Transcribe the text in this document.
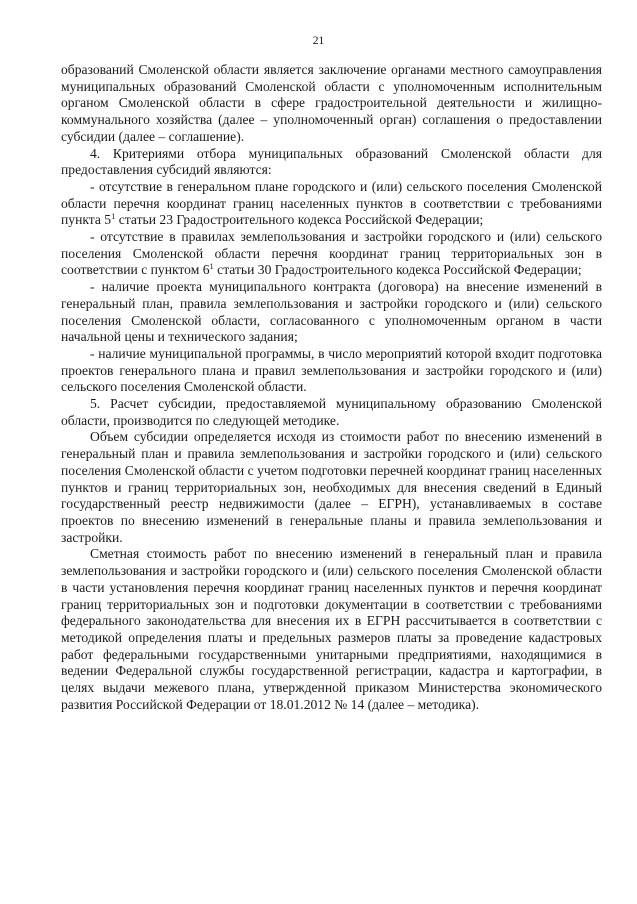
21

образований Смоленской области является заключение органами местного самоуправления муниципальных образований Смоленской области с уполномоченным исполнительным органом Смоленской области в сфере градостроительной деятельности и жилищно-коммунального хозяйства (далее – уполномоченный орган) соглашения о предоставлении субсидии (далее – соглашение).

4. Критериями отбора муниципальных образований Смоленской области для предоставления субсидий являются:

- отсутствие в генеральном плане городского и (или) сельского поселения Смоленской области перечня координат границ населенных пунктов в соответствии с требованиями пункта $5^1$ статьи 23 Градостроительного кодекса Российской Федерации;

- отсутствие в правилах землепользования и застройки городского и (или) сельского поселения Смоленской области перечня координат границ территориальных зон в соответствии с пунктом $6^1$ статьи 30 Градостроительного кодекса Российской Федерации;

- наличие проекта муниципального контракта (договора) на внесение изменений в генеральный план, правила землепользования и застройки городского и (или) сельского поселения Смоленской области, согласованного с уполномоченным органом в части начальной цены и технического задания;

- наличие муниципальной программы, в число мероприятий которой входит подготовка проектов генерального плана и правил землепользования и застройки городского и (или) сельского поселения Смоленской области.

5. Расчет субсидии, предоставляемой муниципальному образованию Смоленской области, производится по следующей методике.

Объем субсидии определяется исходя из стоимости работ по внесению изменений в генеральный план и правила землепользования и застройки городского и (или) сельского поселения Смоленской области с учетом подготовки перечней координат границ населенных пунктов и границ территориальных зон, необходимых для внесения сведений в Единый государственный реестр недвижимости (далее – ЕГРН), устанавливаемых в составе проектов по внесению изменений в генеральные планы и правила землепользования и застройки.

Сметная стоимость работ по внесению изменений в генеральный план и правила землепользования и застройки городского и (или) сельского поселения Смоленской области в части установления перечня координат границ населенных пунктов и перечня координат границ территориальных зон и подготовки документации в соответствии с требованиями федерального законодательства для внесения их в ЕГРН рассчитывается в соответствии с методикой определения платы и предельных размеров платы за проведение кадастровых работ федеральными государственными унитарными предприятиями, находящимися в ведении Федеральной службы государственной регистрации, кадастра и картографии, в целях выдачи межевого плана, утвержденной приказом Министерства экономического развития Российской Федерации от 18.01.2012 № 14 (далее – методика).
